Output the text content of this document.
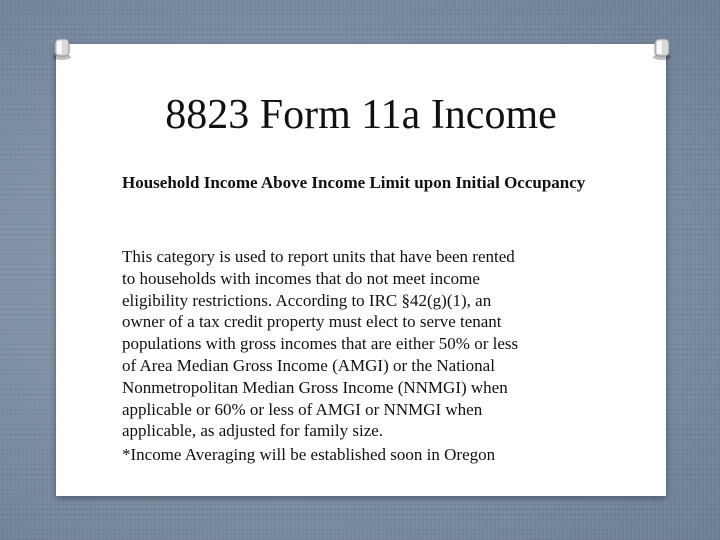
8823 Form 11a Income

Household Income Above Income Limit upon Initial Occupancy

This category is used to report units that have been rented
to households with incomes that do not meet income
eligibility restrictions. According to IRC §42(g)(1), an
owner of a tax credit property must elect to serve tenant
populations with gross incomes that are either 50% or less
of Area Median Gross Income (AMGI) or the National
Nonmetropolitan Median Gross Income (NNMGI) when
applicable or 60% or less of AMGI or NNMGI when
applicable, as adjusted for family size.

*Income Averaging will be established soon in Oregon
